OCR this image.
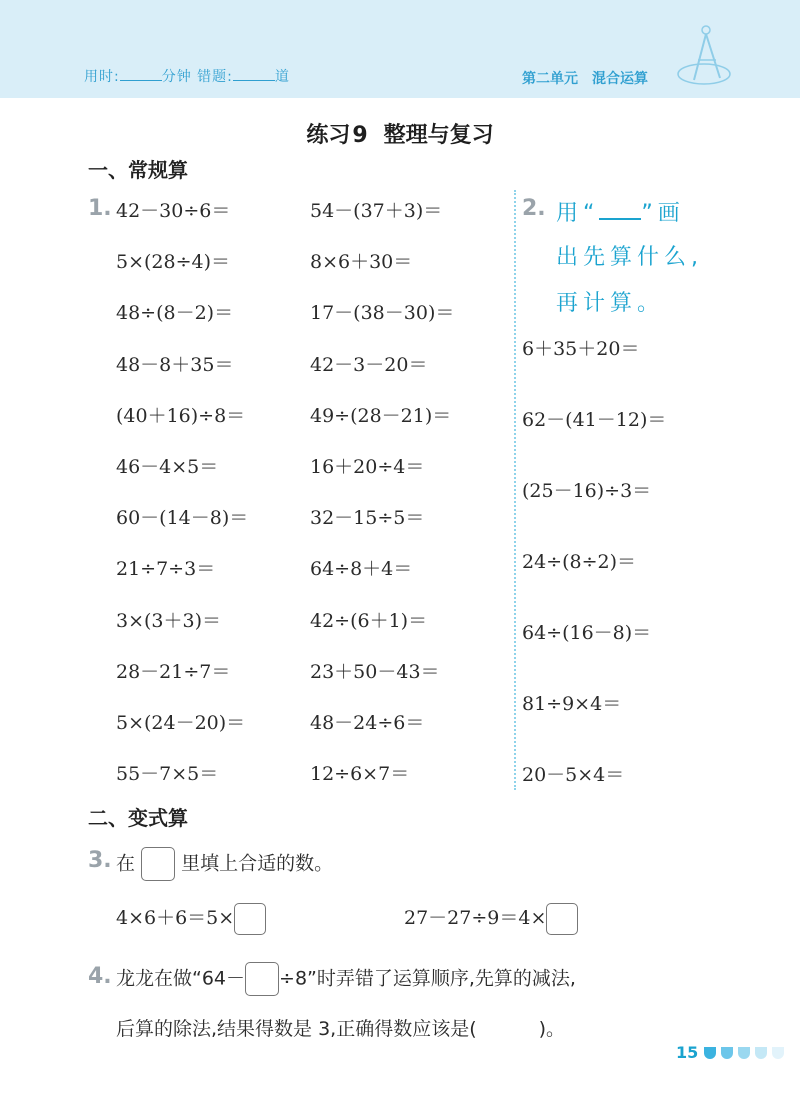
用时:	分钟 错题:	道	第二单元 混合运算
练习9 整理与复习
一、常规算
1.	2.
42－30÷6＝
5×(28÷4)＝
48÷(8－2)＝
48－8＋35＝
(40＋16)÷8＝
46－4×5＝
60－(14－8)＝
21÷7÷3＝
3×(3＋3)＝
28－21÷7＝
5×(24－20)＝
55－7×5＝
54－(37＋3)＝
8×6＋30＝
17－(38－30)＝
42－3－20＝
49÷(28－21)＝
16＋20÷4＝
32－15÷5＝
64÷8＋4＝
42÷(6＋1)＝
23＋50－43＝
48－24÷6＝
12÷6×7＝
6＋35＋20＝
62－(41－12)＝
(25－16)÷3＝
24÷(8÷2)＝
64÷(16－8)＝
81÷9×4＝
20－5×4＝
用“ ”画
出先算什么,
再计算。
二、变式算
3. 在 里填上合适的数。
4×6＋6＝5×	27－27÷9＝4×
4. 龙龙在做“64－ ÷8”时弄错了运算顺序,先算的减法,
后算的除法,结果得数是 3,正确得数应该是(	)。
15
